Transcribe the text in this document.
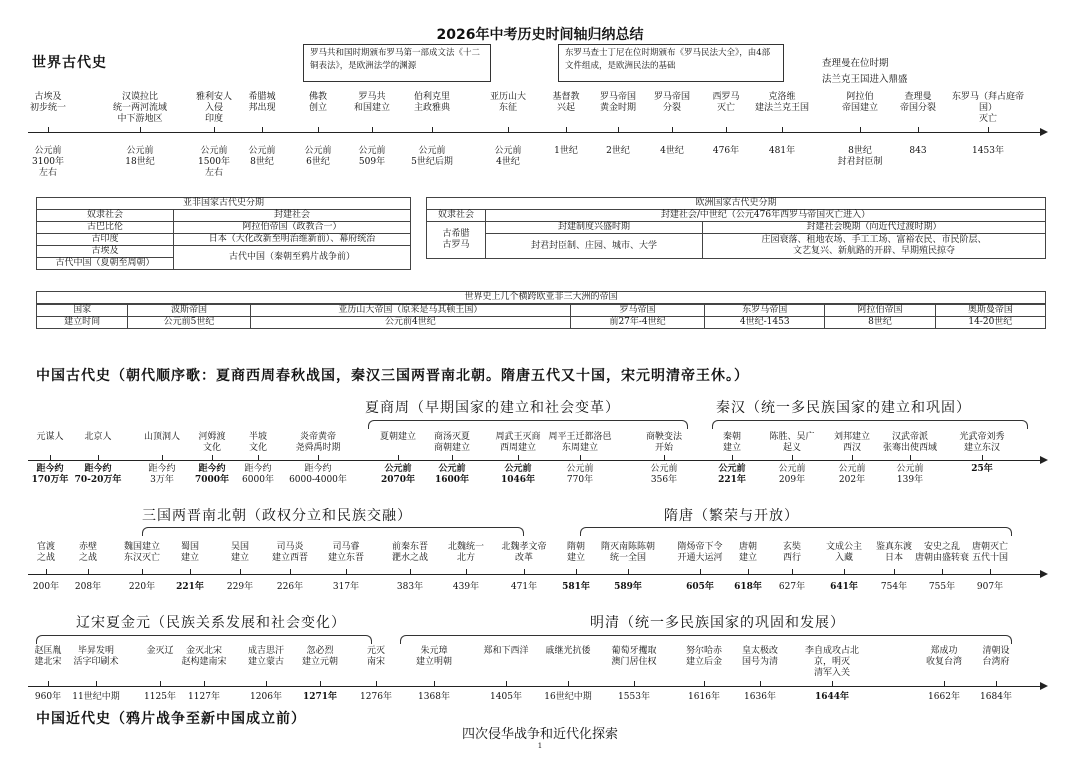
2026年中考历史时间轴归纳总结
世界古代史
罗马共和国时期颁布罗马第一部成文法《十二铜表法》，是欧洲法学的渊源
东罗马查士丁尼在位时期颁布《罗马民法大全》，由4部文件组成，是欧洲民法的基础	查理曼在位时期
法兰克王国进入鼎盛
古埃及
初步统一
公元前
3100年
左右
汉谟拉比
统一两河流域
中下游地区
公元前
18世纪
雅利安人
入侵
印度
公元前
1500年
左右
希腊城
邦出现
公元前
8世纪
佛教
创立
公元前
6世纪
罗马共
和国建立
公元前
509年
伯利克里
主政雅典
公元前
5世纪后期
亚历山大
东征
公元前
4世纪
基督教
兴起
1世纪
罗马帝国
黄金时期
2世纪
罗马帝国
分裂
4世纪
西罗马
灭亡
476年
克洛维
建法兰克王国
481年
阿拉伯
帝国建立
8世纪
封君封臣制
查理曼
帝国分裂
843
东罗马（拜占庭帝国）
灭亡
1453年
亚非国家古代史分期	
奴隶社会	封建社会
古巴比伦	阿拉伯帝国（政教合一）
古印度	日本（大化改新至明治维新前）、幕府统治
古埃及	古代中国（秦朝至鸦片战争前）
古代中国（夏朝至周朝）	
欧洲国家古代史分期		
奴隶社会	封建社会/中世纪（公元476年西罗马帝国灭亡进入）	
古希腊
古罗马	封建制度兴盛时期	封建社会晚期（向近代过渡时期）
	封君封臣制、庄园、城市、大学	庄园衰落、租地农场、手工工场、富裕农民、市民阶层、
文艺复兴、新航路的开辟、早期殖民掠夺
世界史上几个横跨欧亚非三大洲的帝国						
国家	波斯帝国	亚历山大帝国（原来是马其顿王国）	罗马帝国	东罗马帝国	阿拉伯帝国	奥斯曼帝国
建立时间	公元前5世纪	公元前4世纪	前27年-4世纪	4世纪-1453	8世纪	14-20世纪
中国古代史（朝代顺序歌：夏商西周春秋战国，秦汉三国两晋南北朝。隋唐五代又十国，宋元明清帝王休。）
夏商周（早期国家的建立和社会变革）	秦汉（统一多民族国家的建立和巩固）
元谋人
距今约
170万年
北京人
距今约
70-20万年
山顶洞人
距今约
3万年
河姆渡
文化
距今约
7000年
半坡
文化
距今约
6000年
炎帝黄帝
尧舜禹时期
距今约
6000-4000年
夏朝建立
公元前
2070年
商汤灭夏
商朝建立
公元前
1600年
周武王灭商
西周建立
公元前
1046年
周平王迁都洛邑
东周建立
公元前
770年
商鞅变法
开始
公元前
356年
秦朝
建立
公元前
221年
陈胜、吴广
起义
公元前
209年
刘邦建立
西汉
公元前
202年
汉武帝派
张骞出使西域
公元前
139年
光武帝刘秀
建立东汉
25年
三国两晋南北朝（政权分立和民族交融）	隋唐（繁荣与开放）
官渡
之战
200年
赤壁
之战
208年
魏国建立
东汉灭亡
220年
蜀国
建立
221年
吴国
建立
229年
司马炎
建立西晋
226年
司马睿
建立东晋
317年
前秦东晋
淝水之战
383年
北魏统一
北方
439年
北魏孝文帝
改革
471年
隋朝
建立
581年
隋灭南陈陈朝
统一全国
589年
隋炀帝下令
开通大运河
605年
唐朝
建立
618年
玄奘
西行
627年
文成公主
入藏
641年
鉴真东渡
日本
754年
安史之乱
唐朝由盛转衰
755年
唐朝灭亡
五代十国
907年
辽宋夏金元（民族关系发展和社会变化）	明清（统一多民族国家的巩固和发展）
赵匡胤
建北宋
960年
毕昇发明
活字印刷术
11世纪中期
金灭辽
1125年
金灭北宋
赵构建南宋
1127年
成吉思汗
建立蒙古
1206年
忽必烈
建立元朝
1271年
元灭
南宋
1276年
朱元璋
建立明朝
1368年
郑和下西洋
1405年
戚继光抗倭
16世纪中期
葡萄牙攫取
澳门居住权
1553年
努尔哈赤
建立后金
1616年
皇太极改
国号为清
1636年
李自成攻占北京，明灭
清军入关
1644年
郑成功
收复台湾
1662年
清朝设
台湾府
1684年
中国近代史（鸦片战争至新中国成立前）
四次侵华战争和近代化探索
1
